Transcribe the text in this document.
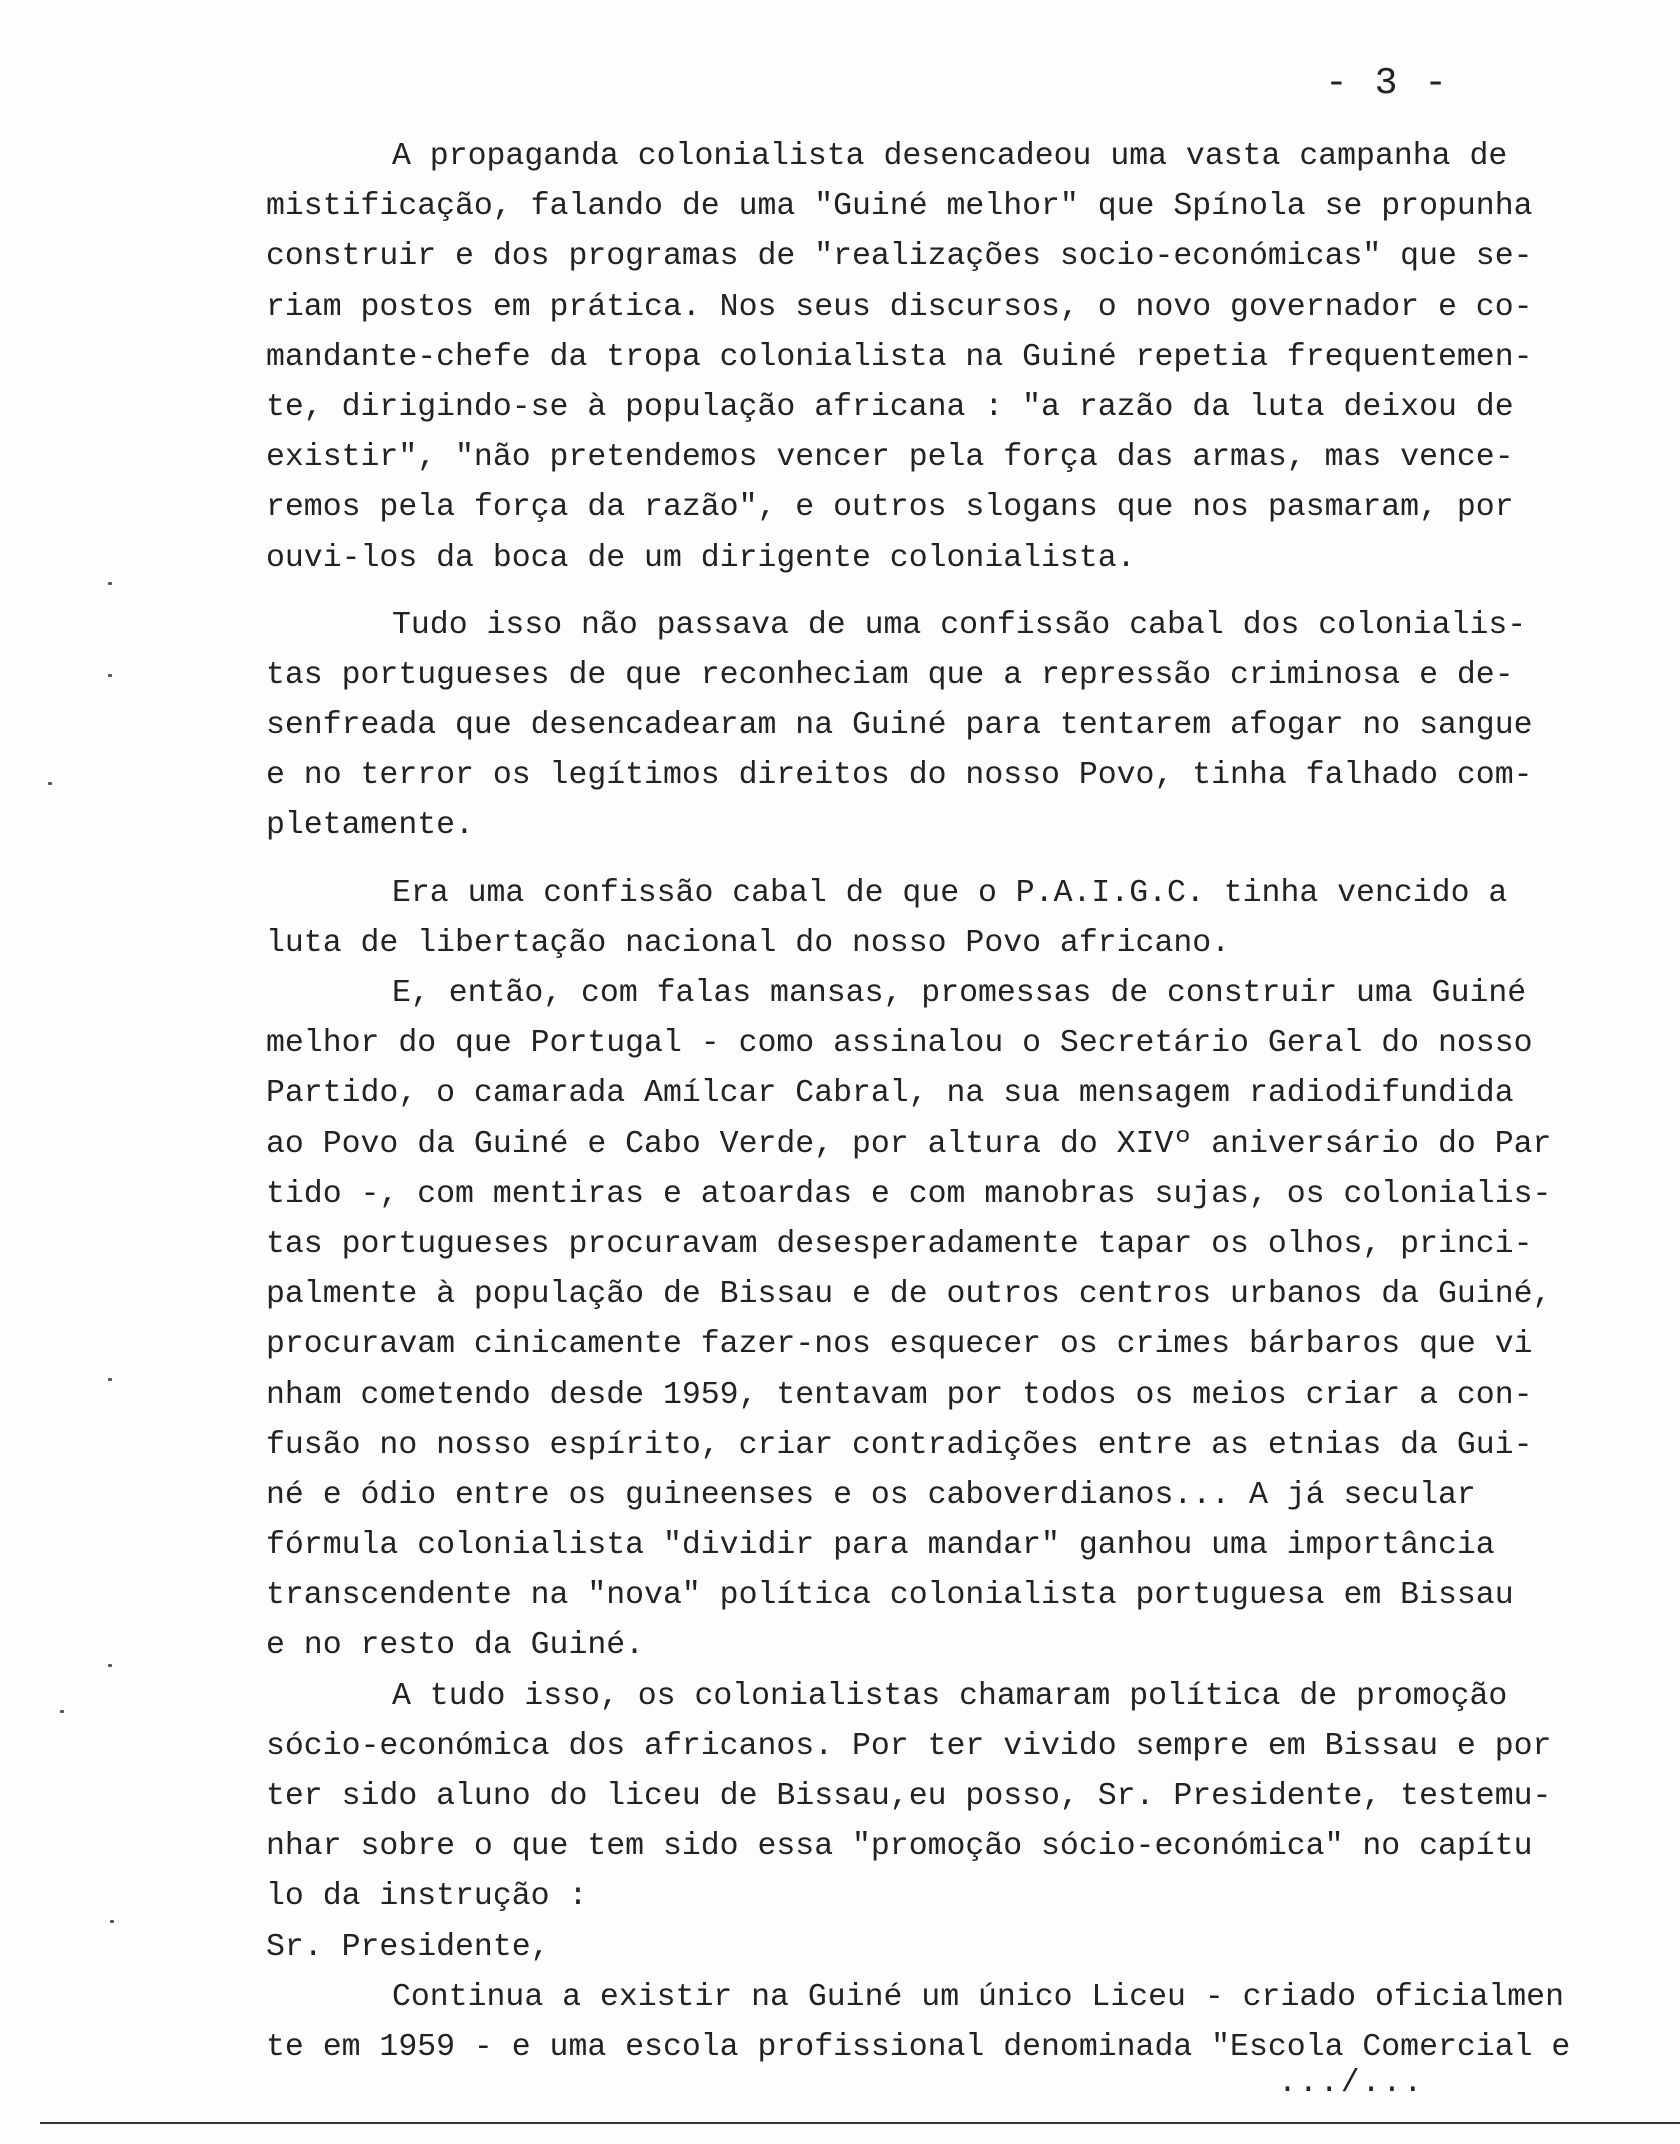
- 3 -
A propaganda colonialista desencadeou uma vasta campanha de
mistificação, falando de uma "Guiné melhor" que Spínola se propunha
construir e dos programas de "realizações socio-económicas" que se-
riam postos em prática. Nos seus discursos, o novo governador e co-
mandante-chefe da tropa colonialista na Guiné repetia frequentemen-
te, dirigindo-se à população africana : "a razão da luta deixou de
existir", "não pretendemos vencer pela força das armas, mas vence-
remos pela força da razão", e outros slogans que nos pasmaram, por
ouvi-los da boca de um dirigente colonialista.
Tudo isso não passava de uma confissão cabal dos colonialis-
tas portugueses de que reconheciam que a repressão criminosa e de-
senfreada que desencadearam na Guiné para tentarem afogar no sangue
e no terror os legítimos direitos do nosso Povo, tinha falhado com-
pletamente.
Era uma confissão cabal de que o P.A.I.G.C. tinha vencido a
luta de libertação nacional do nosso Povo africano.
E, então, com falas mansas, promessas de construir uma Guiné
melhor do que Portugal - como assinalou o Secretário Geral do nosso
Partido, o camarada Amílcar Cabral, na sua mensagem radiodifundida
ao Povo da Guiné e Cabo Verde, por altura do XIVº aniversário do Par
tido -, com mentiras e atoardas e com manobras sujas, os colonialis-
tas portugueses procuravam desesperadamente tapar os olhos, princi-
palmente à população de Bissau e de outros centros urbanos da Guiné,
procuravam cinicamente fazer-nos esquecer os crimes bárbaros que vi
nham cometendo desde 1959, tentavam por todos os meios criar a con-
fusão no nosso espírito, criar contradições entre as etnias da Gui-
né e ódio entre os guineenses e os caboverdianos... A já secular
fórmula colonialista "dividir para mandar" ganhou uma importância
transcendente na "nova" política colonialista portuguesa em Bissau
e no resto da Guiné.
A tudo isso, os colonialistas chamaram política de promoção
sócio-económica dos africanos. Por ter vivido sempre em Bissau e por
ter sido aluno do liceu de Bissau,eu posso, Sr. Presidente, testemu-
nhar sobre o que tem sido essa "promoção sócio-económica" no capítu
lo da instrução :
Sr. Presidente,
Continua a existir na Guiné um único Liceu - criado oficialmen
te em 1959 - e uma escola profissional denominada "Escola Comercial e
.../...
